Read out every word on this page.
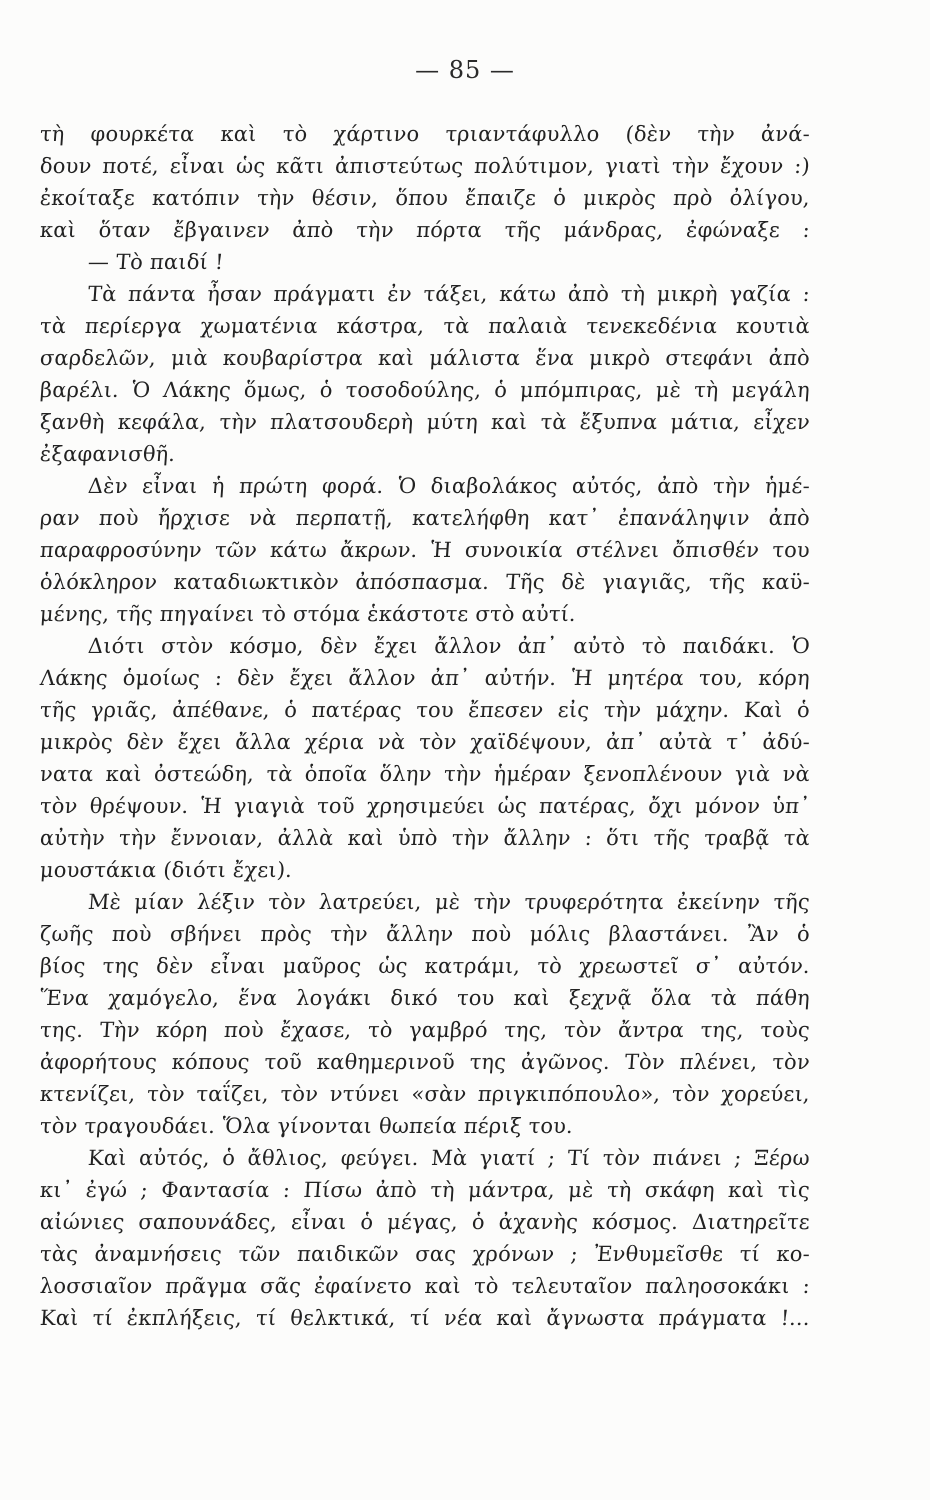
— 85 —
τὴ φουρκέτα καὶ τὸ χάρτινο τριαντάφυλλο (δὲν τὴν ἀνά-
δουν ποτέ, εἶναι ὡς κᾶτι ἀπιστεύτως πολύτιμον, γιατὶ τὴν ἔχουν :)
ἐκοίταξε κατόπιν τὴν θέσιν, ὅπου ἔπαιζε ὁ μικρὸς πρὸ ὀλίγου,
καὶ ὅταν ἔβγαινεν ἀπὸ τὴν πόρτα τῆς μάνδρας, ἐφώναξε :
— Τὸ παιδί !
Τὰ πάντα ἦσαν πράγματι ἐν τάξει, κάτω ἀπὸ τὴ μικρὴ γαζία :
τὰ περίεργα χωματένια κάστρα, τὰ παλαιὰ τενεκεδένια κουτιὰ
σαρδελῶν, μιὰ κουβαρίστρα καὶ μάλιστα ἕνα μικρὸ στεφάνι ἀπὸ
βαρέλι. Ὁ Λάκης ὅμως, ὁ τοσοδούλης, ὁ μπόμπιρας, μὲ τὴ μεγάλη
ξανθὴ κεφάλα, τὴν πλατσουδερὴ μύτη καὶ τὰ ἔξυπνα μάτια, εἶχεν
ἐξαφανισθῆ.
Δὲν εἶναι ἡ πρώτη φορά. Ὁ διαβολάκος αὐτός, ἀπὸ τὴν ἡμέ-
ραν ποὺ ἤρχισε νὰ περπατῇ, κατελήφθη κατ᾽ ἐπανάληψιν ἀπὸ
παραφροσύνην τῶν κάτω ἄκρων. Ἡ συνοικία στέλνει ὄπισθέν του
ὁλόκληρον καταδιωκτικὸν ἀπόσπασμα. Τῆς δὲ γιαγιᾶς, τῆς καϋ-
μένης, τῆς πηγαίνει τὸ στόμα ἑκάστοτε στὸ αὐτί.
Διότι στὸν κόσμο, δὲν ἔχει ἄλλον ἀπ᾽ αὐτὸ τὸ παιδάκι. Ὁ
Λάκης ὁμοίως : δὲν ἔχει ἄλλον ἀπ᾽ αὐτήν. Ἡ μητέρα του, κόρη
τῆς γριᾶς, ἀπέθανε, ὁ πατέρας του ἔπεσεν εἰς τὴν μάχην. Καὶ ὁ
μικρὸς δὲν ἔχει ἄλλα χέρια νὰ τὸν χαϊδέψουν, ἀπ᾽ αὐτὰ τ᾽ ἀδύ-
νατα καὶ ὀστεώδη, τὰ ὁποῖα ὅλην τὴν ἡμέραν ξενοπλένουν γιὰ νὰ
τὸν θρέψουν. Ἡ γιαγιὰ τοῦ χρησιμεύει ὡς πατέρας, ὄχι μόνον ὑπ᾽
αὐτὴν τὴν ἔννοιαν, ἀλλὰ καὶ ὑπὸ τὴν ἄλλην : ὅτι τῆς τραβᾷ τὰ
μουστάκια (διότι ἔχει).
Μὲ μίαν λέξιν τὸν λατρεύει, μὲ τὴν τρυφερότητα ἐκείνην τῆς
ζωῆς ποὺ σβήνει πρὸς τὴν ἄλλην ποὺ μόλις βλαστάνει. Ἂν ὁ
βίος της δὲν εἶναι μαῦρος ὡς κατράμι, τὸ χρεωστεῖ σ᾽ αὐτόν.
Ἕνα χαμόγελο, ἕνα λογάκι δικό του καὶ ξεχνᾷ ὅλα τὰ πάθη
της. Τὴν κόρη ποὺ ἔχασε, τὸ γαμβρό της, τὸν ἄντρα της, τοὺς
ἀφορήτους κόπους τοῦ καθημερινοῦ της ἀγῶνος. Τὸν πλένει, τὸν
κτενίζει, τὸν ταΐζει, τὸν ντύνει «σὰν πριγκιπόπουλο», τὸν χορεύει,
τὸν τραγουδάει. Ὅλα γίνονται θωπεία πέριξ του.
Καὶ αὐτός, ὁ ἄθλιος, φεύγει. Μὰ γιατί ; Τί τὸν πιάνει ; Ξέρω
κι᾽ ἐγώ ; Φαντασία : Πίσω ἀπὸ τὴ μάντρα, μὲ τὴ σκάφη καὶ τὶς
αἰώνιες σαπουνάδες, εἶναι ὁ μέγας, ὁ ἀχανὴς κόσμος. Διατηρεῖτε
τὰς ἀναμνήσεις τῶν παιδικῶν σας χρόνων ; Ἐνθυμεῖσθε τί κο-
λοσσιαῖον πρᾶγμα σᾶς ἐφαίνετο καὶ τὸ τελευταῖον παληοσοκάκι :
Καὶ τί ἐκπλήξεις, τί θελκτικά, τί νέα καὶ ἄγνωστα πράγματα !...
